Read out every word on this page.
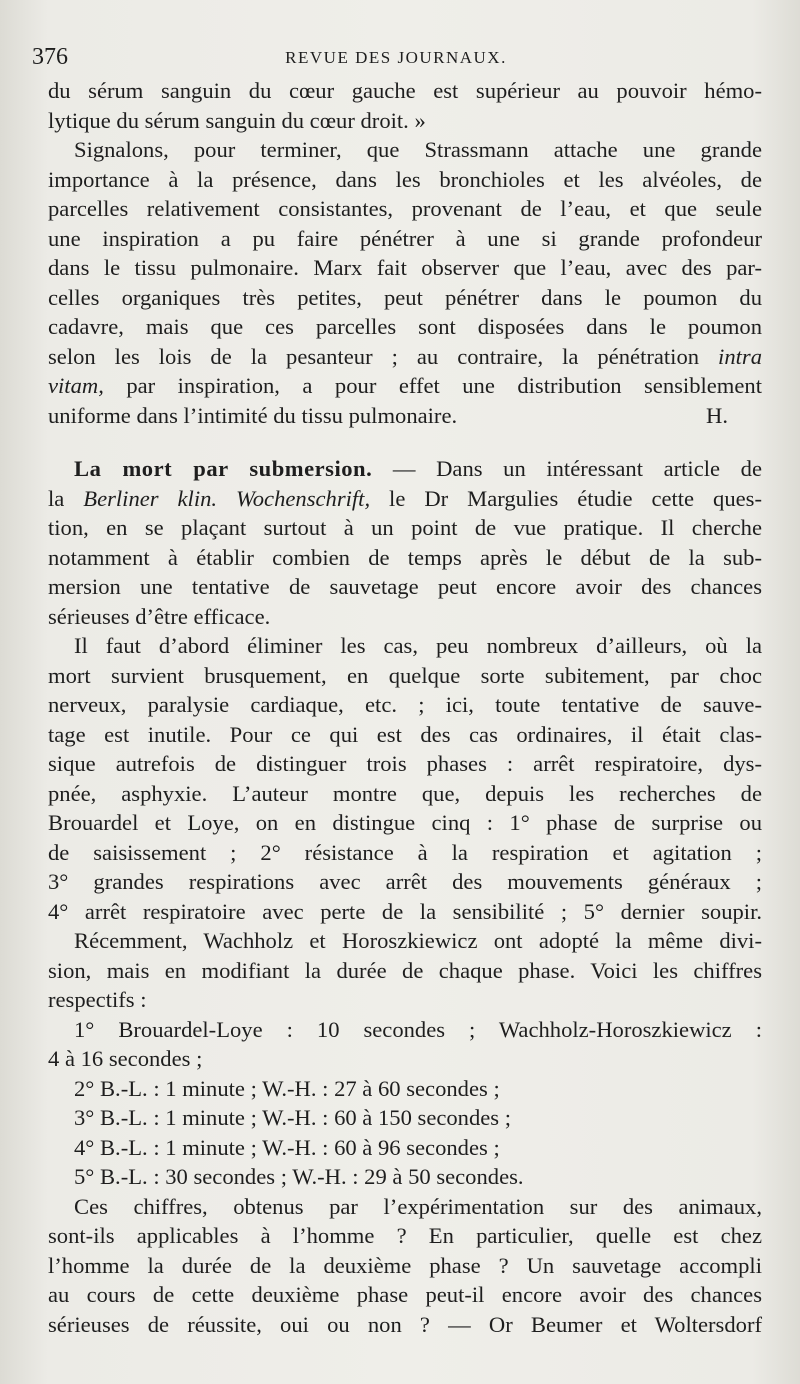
376	REVUE DES JOURNAUX.
du sérum sanguin du cœur gauche est supérieur au pouvoir hémo-
lytique du sérum sanguin du cœur droit. »
Signalons, pour terminer, que Strassmann attache une grande
importance à la présence, dans les bronchioles et les alvéoles, de
parcelles relativement consistantes, provenant de l’eau, et que seule
une inspiration a pu faire pénétrer à une si grande profondeur
dans le tissu pulmonaire. Marx fait observer que l’eau, avec des par-
celles organiques très petites, peut pénétrer dans le poumon du
cadavre, mais que ces parcelles sont disposées dans le poumon
selon les lois de la pesanteur ; au contraire, la pénétration intra
vitam, par inspiration, a pour effet une distribution sensiblement
uniforme dans l’intimité du tissu pulmonaire.	H.
La mort par submersion. — Dans un intéressant article de
la Berliner klin. Wochenschrift, le Dr Margulies étudie cette ques-
tion, en se plaçant surtout à un point de vue pratique. Il cherche
notamment à établir combien de temps après le début de la sub-
mersion une tentative de sauvetage peut encore avoir des chances
sérieuses d’être efficace.
Il faut d’abord éliminer les cas, peu nombreux d’ailleurs, où la
mort survient brusquement, en quelque sorte subitement, par choc
nerveux, paralysie cardiaque, etc. ; ici, toute tentative de sauve-
tage est inutile. Pour ce qui est des cas ordinaires, il était clas-
sique autrefois de distinguer trois phases : arrêt respiratoire, dys-
pnée, asphyxie. L’auteur montre que, depuis les recherches de
Brouardel et Loye, on en distingue cinq : 1° phase de surprise ou
de saisissement ; 2° résistance à la respiration et agitation ;
3° grandes respirations avec arrêt des mouvements généraux ;
4° arrêt respiratoire avec perte de la sensibilité ; 5° dernier soupir.
Récemment, Wachholz et Horoszkiewicz ont adopté la même divi-
sion, mais en modifiant la durée de chaque phase. Voici les chiffres
respectifs :
1° Brouardel-Loye : 10 secondes ; Wachholz-Horoszkiewicz :
4 à 16 secondes ;
2° B.-L. : 1 minute ; W.-H. : 27 à 60 secondes ;
3° B.-L. : 1 minute ; W.-H. : 60 à 150 secondes ;
4° B.-L. : 1 minute ; W.-H. : 60 à 96 secondes ;
5° B.-L. : 30 secondes ; W.-H. : 29 à 50 secondes.
Ces chiffres, obtenus par l’expérimentation sur des animaux,
sont-ils applicables à l’homme ? En particulier, quelle est chez
l’homme la durée de la deuxième phase ? Un sauvetage accompli
au cours de cette deuxième phase peut-il encore avoir des chances
sérieuses de réussite, oui ou non ? — Or Beumer et Woltersdorf
